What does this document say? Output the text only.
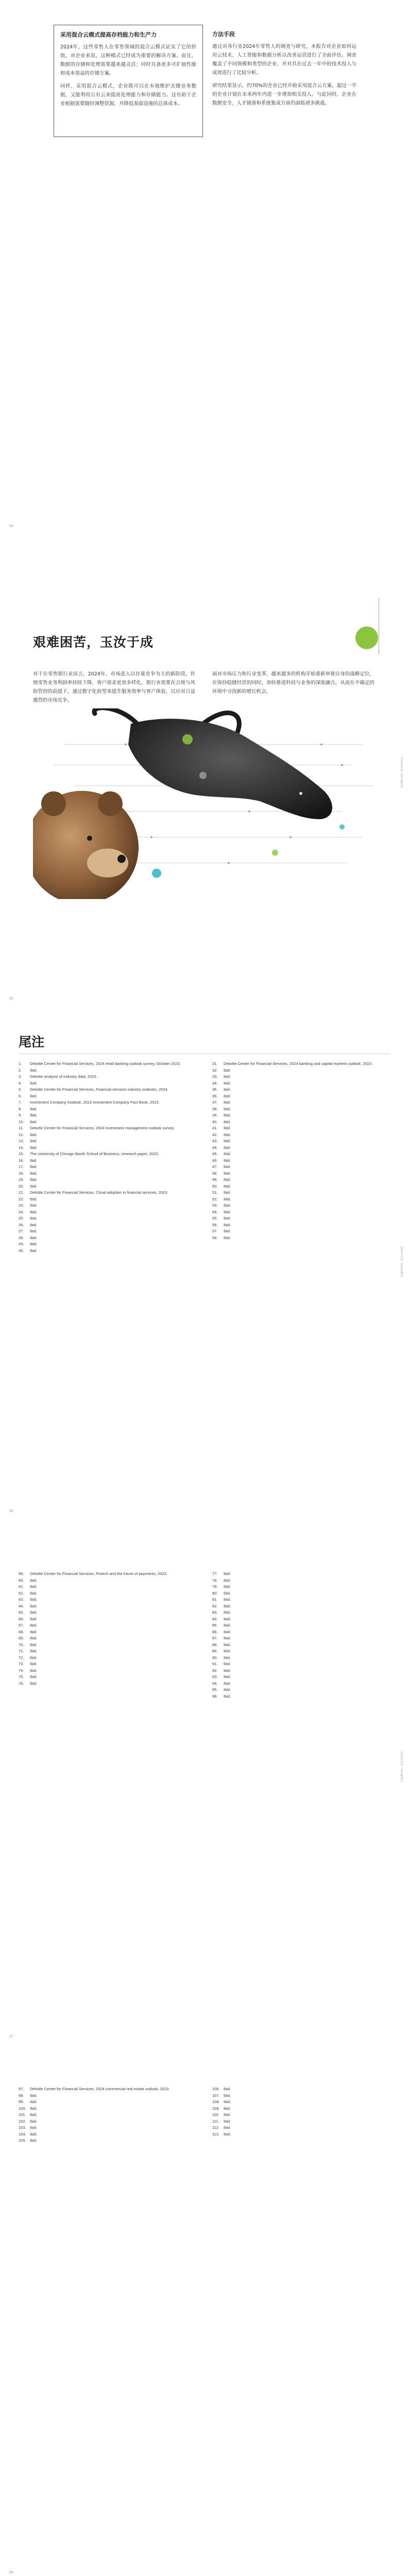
采用混合云模式提高存档能力和生产力

2024年，这些零售人在零售领域的混合云模式证实了它的价值，对企业来说，这种模式已经成为重要的解决方案。而且，数据的存储和处理需要越来越灵活；同时具备更多可扩展性能和成本效益的存储方案。

同样，采用混合云模式，企业既可以在本地维护关键业务数据，又能利用公有云来提高处理能力和存储能力。这有助于企业根据需要随时调整资源，并降低基础设施的总体成本。

方法手段

通过对各行业2024年零售人的调查与研究，本报告对企业如何运用云技术、人工智能和数据分析以改善运营进行了全面评估。调查覆盖了不同规模和类型的企业，并对其在过去一年中的技术投入与成效进行了比较分析。

研究结果显示，约70%的企业已经开始采用混合云方案，超过一半的企业计划在未来两年内进一步增加相关投入。与此同时，企业在数据安全、人才储备和系统集成方面仍面临诸多挑战。

04
艰难困苦，玉汝于成
对于在零售银行业而言，2024年，市场进入以存量竞争为主的新阶段，传统零售业务利润率持续下降，客户需求更加多样化。银行业需要在合规与风险管控的前提下，通过数字化转型来提升服务效率与客户体验，以应对日益激烈的市场竞争。
面对市场压力和行业变革，越来越多的机构开始重新审视自身的战略定位，在保持稳健经营的同时，加快推进科技与业务的深度融合，从而在不确定的环境中寻找新的增长机会。
Deloitte Insights
05
尾注
1.	Deloitte Center for Financial Services, 2024 retail banking outlook survey, October 2023.
2.	Ibid.
3.	Deloitte analysis of industry data, 2023.
4.	Ibid.
5.	Deloitte Center for Financial Services, Financial services industry outlooks, 2024.
6.	Ibid.
7.	Investment Company Institute, 2023 Investment Company Fact Book, 2023.
8.	Ibid.
9.	Ibid.
10.	Ibid.
11.	Deloitte Center for Financial Services, 2024 investment management outlook survey.
12.	Ibid.
13.	Ibid.
14.	Ibid.
15.	The University of Chicago Booth School of Business, research paper, 2023.
16.	Ibid.
17.	Ibid.
18.	Ibid.
19.	Ibid.
20.	Ibid.
21.	Deloitte Center for Financial Services, Cloud adoption in financial services, 2023.
22.	Ibid.
23.	Ibid.
24.	Ibid.
25.	Ibid.
26.	Ibid.
27.	Ibid.
28.	Ibid.
29.	Ibid.
30.	Ibid.
31.	Deloitte Center for Financial Services, 2024 banking and capital markets outlook, 2023.
32.	Ibid.
33.	Ibid.
34.	Ibid.
35.	Ibid.
36.	Ibid.
37.	Ibid.
38.	Ibid.
39.	Ibid.
40.	Ibid.
41.	Ibid.
42.	Ibid.
43.	Ibid.
44.	Ibid.
45.	Ibid.
46.	Ibid.
47.	Ibid.
48.	Ibid.
49.	Ibid.
50.	Ibid.
51.	Ibid.
52.	Ibid.
53.	Ibid.
54.	Ibid.
55.	Ibid.
56.	Ibid.
57.	Ibid.
58.	Ibid.
Deloitte Insights
06
59.	Deloitte Center for Financial Services, Fintech and the future of payments, 2023.
60.	Ibid.
61.	Ibid.
62.	Ibid.
63.	Ibid.
64.	Ibid.
65.	Ibid.
66.	Ibid.
67.	Ibid.
68.	Ibid.
69.	Ibid.
70.	Ibid.
71.	Ibid.
72.	Ibid.
73.	Ibid.
74.	Ibid.
75.	Ibid.
76.	Ibid.
77.	Ibid.
78.	Ibid.
79.	Ibid.
80.	Ibid.
81.	Ibid.
82.	Ibid.
83.	Ibid.
84.	Ibid.
85.	Ibid.
86.	Ibid.
87.	Ibid.
88.	Ibid.
89.	Ibid.
90.	Ibid.
91.	Ibid.
92.	Ibid.
93.	Ibid.
94.	Ibid.
95.	Ibid.
96.	Ibid.
Deloitte Insights
07
97.	Deloitte Center for Financial Services, 2024 commercial real estate outlook, 2023.
98.	Ibid.
99.	Ibid.
100. Ibid.
101. Ibid.
102. Ibid.
103. Ibid.
104. Ibid.
105. Ibid.
106. Ibid.
107. Ibid.
108. Ibid.
109. Ibid.
110.	Ibid.
111.	Ibid.
112.	Ibid.
113.	Ibid.
08
